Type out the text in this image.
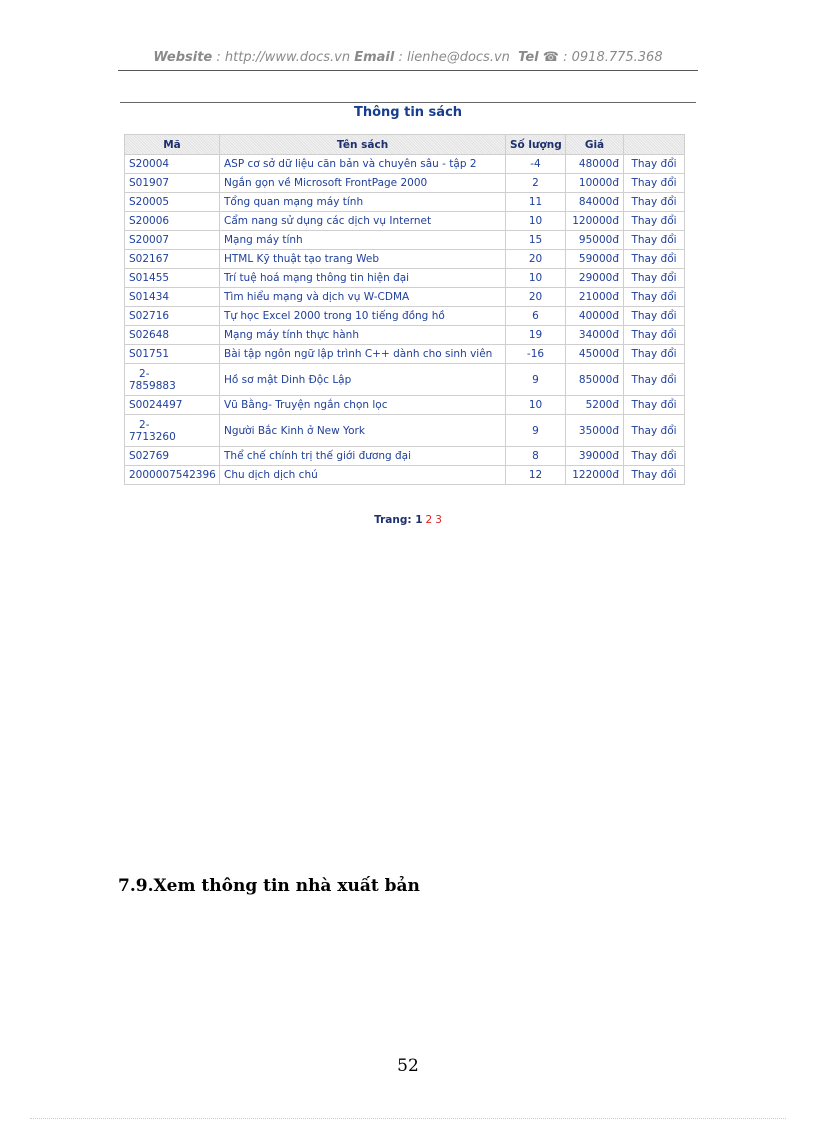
Website : http://www.docs.vn Email : lienhe@docs.vn  Tel ☎ : 0918.775.368
Thông tin sách
Mã	Tên sách	Số lượng	Giá	
S20004	ASP cơ sở dữ liệu căn bản và chuyên sâu - tập 2	-4	48000đ	Thay đổi
S01907	Ngắn gọn về Microsoft FrontPage 2000	2	10000đ	Thay đổi
S20005	Tổng quan mạng máy tính	11	84000đ	Thay đổi
S20006	Cẩm nang sử dụng các dịch vụ Internet	10	120000đ	Thay đổi
S20007	Mạng máy tính	15	95000đ	Thay đổi
S02167	HTML Kỹ thuật tạo trang Web	20	59000đ	Thay đổi
S01455	Trí tuệ hoá mạng thông tin hiện đại	10	29000đ	Thay đổi
S01434	Tìm hiểu mạng và dịch vụ W-CDMA	20	21000đ	Thay đổi
S02716	Tự học Excel 2000 trong 10 tiếng đồng hồ	6	40000đ	Thay đổi
S02648	Mạng máy tính thực hành	19	34000đ	Thay đổi
S01751	Bài tập ngôn ngữ lập trình C++ dành cho sinh viên	-16	45000đ	Thay đổi
2-
7859883	Hồ sơ mật Dinh Độc Lập	9	85000đ	Thay đổi
S0024497	Vũ Bằng- Truyện ngắn chọn lọc	10	5200đ	Thay đổi
2-
7713260	Người Bắc Kinh ở New York	9	35000đ	Thay đổi
S02769	Thể chế chính trị thế giới đương đại	8	39000đ	Thay đổi
2000007542396	Chu dịch dịch chú	12	122000đ	Thay đổi
Trang: 1 2 3
7.9.Xem thông tin nhà xuất bản
52
